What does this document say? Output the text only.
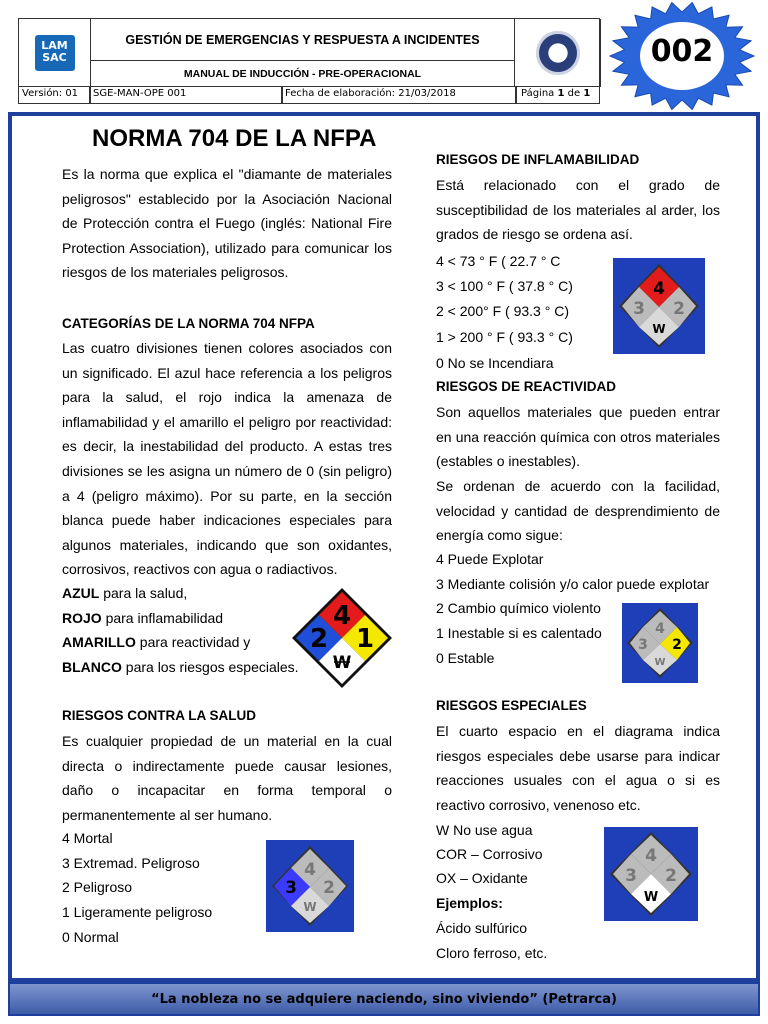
LAM
SAC
GESTIÓN DE EMERGENCIAS Y RESPUESTA A INCIDENTES
MANUAL DE INDUCCIÓN - PRE-OPERACIONAL
Versión: 01 SGE-MAN-OPE 001	Fecha de elaboración: 21/03/2018	Página 1 de 1
002
NORMA 704 DE LA NFPA
Es la norma que explica el "diamante de materiales peligrosos" establecido por la Asociación Nacional de Protección contra el Fuego (inglés: National Fire Protection Association), utilizado para comunicar los riesgos de los materiales peligrosos.
CATEGORÍAS DE LA NORMA 704 NFPA
Las cuatro divisiones tienen colores asociados con un significado. El azul hace referencia a los peligros para la salud, el rojo indica la amenaza de inflamabilidad y el amarillo el peligro por reactividad: es decir, la inestabilidad del producto. A estas tres divisiones se les asigna un número de 0 (sin peligro) a 4 (peligro máximo). Por su parte, en la sección blanca puede haber indicaciones especiales para algunos materiales, indicando que son oxidantes, corrosivos, reactivos con agua o radiactivos.
AZUL para la salud,
ROJO para inflamabilidad
AMARILLO para reactividad y
BLANCO para los riesgos especiales.
4
2 1
W
RIESGOS CONTRA LA SALUD
Es cualquier propiedad de un material en la cual directa o indirectamente puede causar lesiones, daño o incapacitar en forma temporal o permanentemente al ser humano.
4 Mortal
3 Extremad. Peligroso
2 Peligroso
1 Ligeramente peligroso
0 Normal
4
3 2
W
RIESGOS DE INFLAMABILIDAD
Está relacionado con el grado de susceptibilidad de los materiales al arder, los grados de riesgo se ordena así.
4 < 73 ° F ( 22.7 ° C
3 < 100 ° F ( 37.8 ° C)
2 < 200° F ( 93.3 ° C)
1 > 200 ° F ( 93.3 ° C)
0 No se Incendiara
4
3 2
W
RIESGOS DE REACTIVIDAD
Son aquellos materiales que pueden entrar en una reacción química con otros materiales (estables o inestables).
Se ordenan de acuerdo con la facilidad, velocidad y cantidad de desprendimiento de energía como sigue:
4 Puede Explotar
3 Mediante colisión y/o calor puede explotar
2 Cambio químico violento
1 Inestable si es calentado
0 Estable
4
3 2
W
RIESGOS ESPECIALES
El cuarto espacio en el diagrama indica riesgos especiales debe usarse para indicar reacciones usuales con el agua o si es reactivo corrosivo, venenoso etc.
W No use agua
COR – Corrosivo
OX – Oxidante
Ejemplos:
Ácido sulfúrico
Cloro ferroso, etc.
4
3 2
W
“La nobleza no se adquiere naciendo, sino viviendo” (Petrarca)
